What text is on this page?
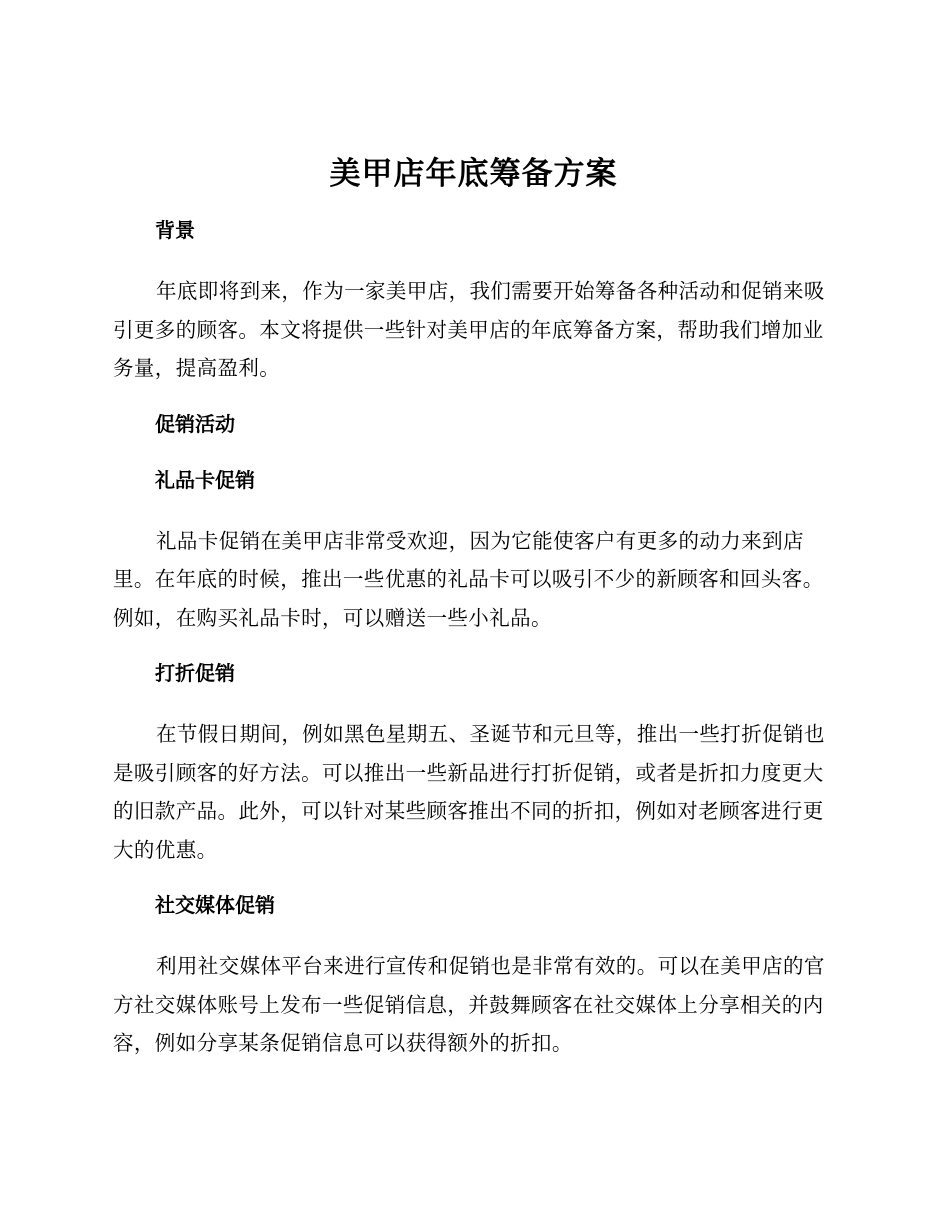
美甲店年底筹备方案
背景

年底即将到来，作为一家美甲店，我们需要开始筹备各种活动和促销来吸引更多的顾客。本文将提供一些针对美甲店的年底筹备方案，帮助我们增加业务量，提高盈利。

促销活动
礼品卡促销

礼品卡促销在美甲店非常受欢迎，因为它能使客户有更多的动力来到店里。在年底的时候，推出一些优惠的礼品卡可以吸引不少的新顾客和回头客。例如，在购买礼品卡时，可以赠送一些小礼品。

打折促销

在节假日期间，例如黑色星期五、圣诞节和元旦等，推出一些打折促销也是吸引顾客的好方法。可以推出一些新品进行打折促销，或者是折扣力度更大的旧款产品。此外，可以针对某些顾客推出不同的折扣，例如对老顾客进行更大的优惠。

社交媒体促销

利用社交媒体平台来进行宣传和促销也是非常有效的。可以在美甲店的官方社交媒体账号上发布一些促销信息，并鼓舞顾客在社交媒体上分享相关的内容，例如分享某条促销信息可以获得额外的折扣。
